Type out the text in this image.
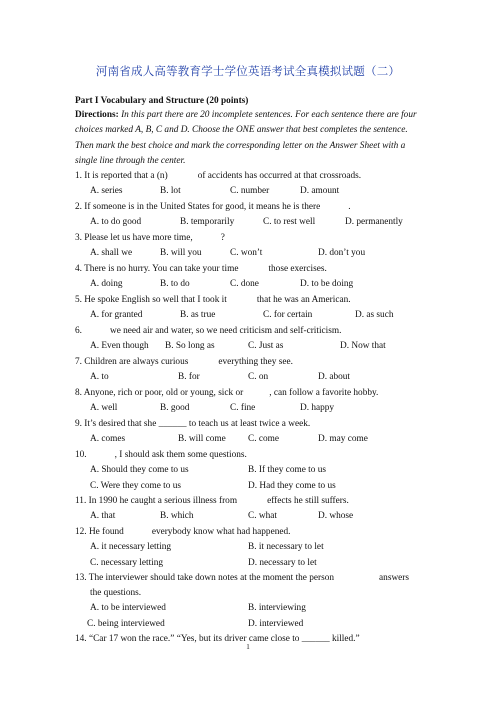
河南省成人高等教育学士学位英语考试全真模拟试题（二）
Part I Vocabulary and Structure (20 points)
Directions: In this part there are 20 incomplete sentences. For each sentence there are four choices marked A, B, C and D. Choose the ONE answer that best completes the sentence. Then mark the best choice and mark the corresponding letter on the Answer Sheet with a single line through the center.
1. It is reported that a (n)	of accidents has occurred at that crossroads.
A. series	B. lot	C. number	D. amount
2. If someone is in the United States for good, it means he is there	.
A. to do good	B. temporarily	C. to rest well	D. permanently
3. Please let us have more time,	?
A. shall we	B. will you	C. won’t	D. don’t you
4. There is no hurry. You can take your time	those exercises.
A. doing	B. to do	C. done	D. to be doing
5. He spoke English so well that I took it	that he was an American.
A. for granted	B. as true	C. for certain	D. as such
6.	we need air and water, so we need criticism and self-criticism.
A. Even though B. So long as	C. Just as	D. Now that
7. Children are always curious	everything they see.
A. to	B. for	C. on	D. about
8. Anyone, rich or poor, old or young, sick or	, can follow a favorite hobby.
A. well	B. good	C. fine	D. happy
9. It’s desired that she ______ to teach us at least twice a week.
A. comes	B. will come C. come	D. may come
10.	, I should ask them some questions.
A. Should they come to us	B. If they come to us
C. Were they come to us	D. Had they come to us
11. In 1990 he caught a serious illness from	effects he still suffers.
A. that	B. which	C. what	D. whose
12. He found	everybody know what had happened.
A. it necessary letting	B. it necessary to let
C. necessary letting	D. necessary to let
13. The interviewer should take down notes at the moment the person	answers
the questions.
A. to be interviewed	B. interviewing
C. being interviewed	D. interviewed
14. “Car 17 won the race.” “Yes, but its driver came close to ______ killed.”
1
